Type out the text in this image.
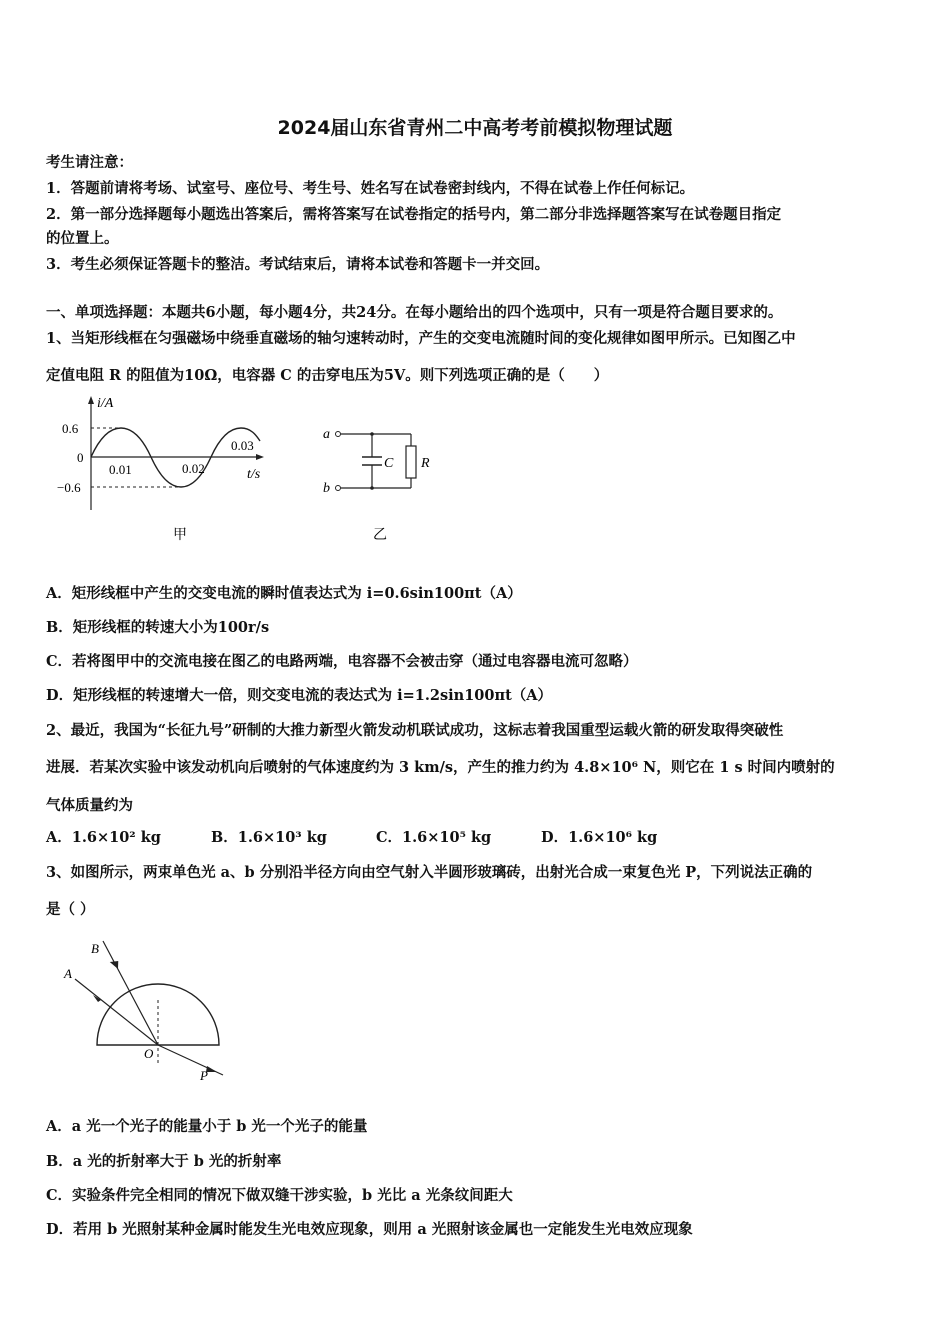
2024届山东省青州二中高考考前模拟物理试题
考生请注意：
1．答题前请将考场、试室号、座位号、考生号、姓名写在试卷密封线内，不得在试卷上作任何标记。
2．第一部分选择题每小题选出答案后，需将答案写在试卷指定的括号内，第二部分非选择题答案写在试卷题目指定
的位置上。
3．考生必须保证答题卡的整洁。考试结束后，请将本试卷和答题卡一并交回。
一、单项选择题：本题共6小题，每小题4分，共24分。在每小题给出的四个选项中，只有一项是符合题目要求的。
1、当矩形线框在匀强磁场中绕垂直磁场的轴匀速转动时，产生的交变电流随时间的变化规律如图甲所示。已知图乙中
定值电阻 R 的阻值为10Ω，电容器 C 的击穿电压为5V。则下列选项正确的是（　　）
i/A
0.6
0
−0.6
0.01	0.02
0.03
t/s
甲
a
b
C R
乙
A．矩形线框中产生的交变电流的瞬时值表达式为 i=0.6sin100πt（A）
B．矩形线框的转速大小为100r/s
C．若将图甲中的交流电接在图乙的电路两端，电容器不会被击穿（通过电容器电流可忽略）
D．矩形线框的转速增大一倍，则交变电流的表达式为 i=1.2sin100πt（A）
2、最近，我国为“长征九号”研制的大推力新型火箭发动机联试成功，这标志着我国重型运载火箭的研发取得突破性
进展．若某次实验中该发动机向后喷射的气体速度约为 3 km/s，产生的推力约为 4.8×10⁶ N，则它在 1 s 时间内喷射的
气体质量约为
A．1.6×10² kg	B．1.6×10³ kg	C．1.6×10⁵ kg	D．1.6×10⁶ kg
3、如图所示，两束单色光 a、b 分别沿半径方向由空气射入半圆形玻璃砖，出射光合成一束复色光 P，下列说法正确的
是（ ）
B
A
O
P
A．a 光一个光子的能量小于 b 光一个光子的能量
B．a 光的折射率大于 b 光的折射率
C．实验条件完全相同的情况下做双缝干涉实验，b 光比 a 光条纹间距大
D．若用 b 光照射某种金属时能发生光电效应现象，则用 a 光照射该金属也一定能发生光电效应现象
